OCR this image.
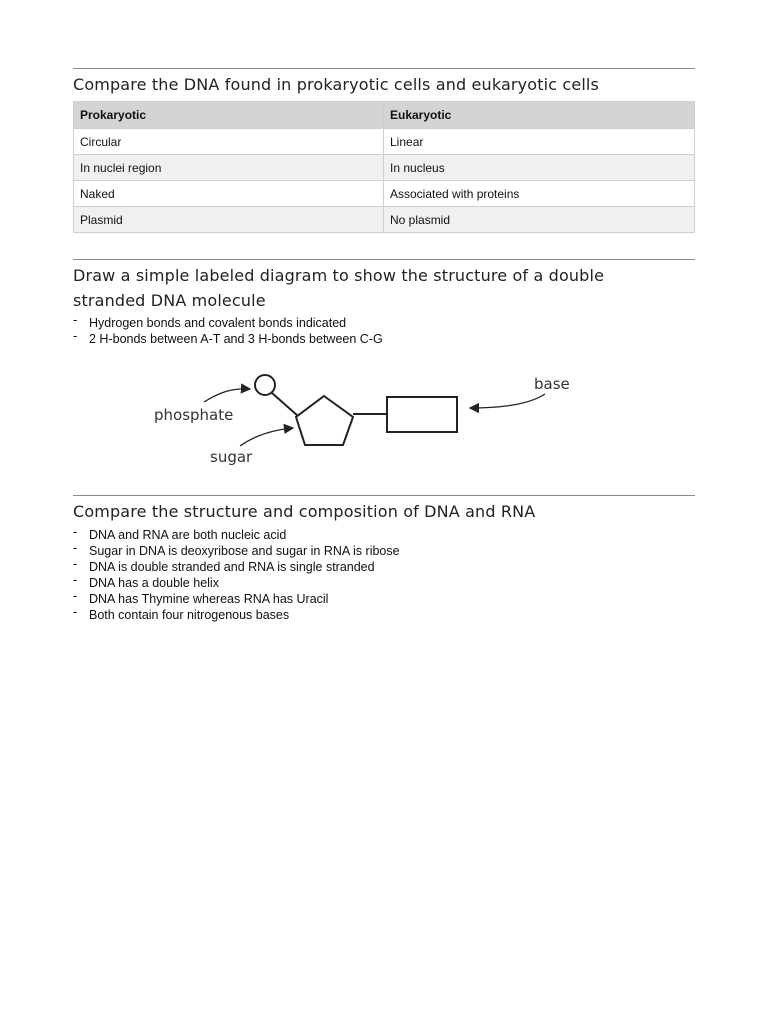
Compare the DNA found in prokaryotic cells and eukaryotic cells
Prokaryotic	Eukaryotic
Circular	Linear
In nuclei region	In nucleus
Naked	Associated with proteins
Plasmid	No plasmid
Draw a simple labeled diagram to show the structure of a double stranded DNA molecule
- Hydrogen bonds and covalent bonds indicated
- 2 H-bonds between A-T and 3 H-bonds between C-G
phosphate
sugar
base
Compare the structure and composition of DNA and RNA
- DNA and RNA are both nucleic acid
- Sugar in DNA is deoxyribose and sugar in RNA is ribose
- DNA is double stranded and RNA is single stranded
- DNA has a double helix
- DNA has Thymine whereas RNA has Uracil
- Both contain four nitrogenous bases
